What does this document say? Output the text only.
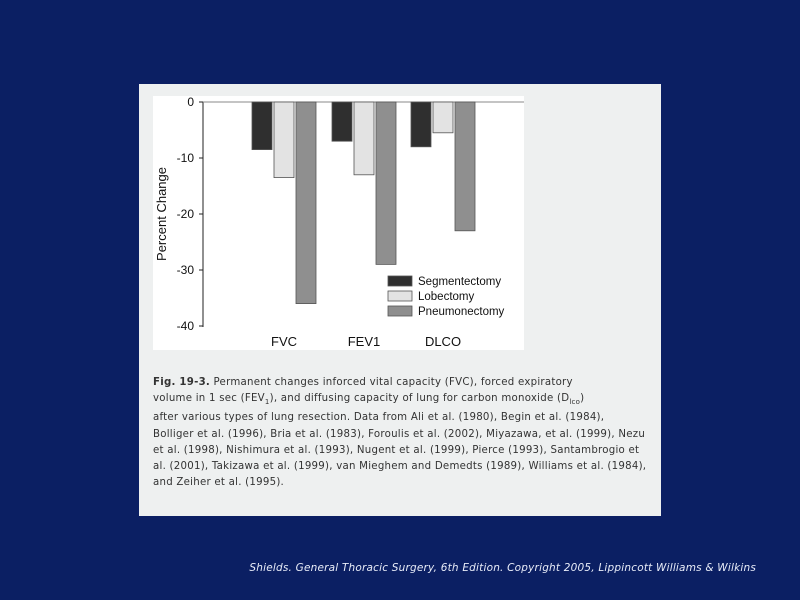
0
-10
-20
-30
-40
Percent Change
FVC	FEV1	DLCO
Segmentectomy
Lobectomy
Pneumonectomy

Fig. 19-3. Permanent changes inforced vital capacity (FVC), forced expiratory
volume in 1 $\sec (FEV_1)$, and diffusing capacity of lung for carbon monoxide $(D_{lco})$
after various types of lung resection. Data from Ali et al. (1980), Begin et al. (1984), Bolliger et al. (1996), Bria et al. (1983), Foroulis et al. (2002), Miyazawa, et al. (1999), Nezu et al. (1998), Nishimura et al. (1993), Nugent et al. (1999), Pierce (1993), Santambrogio et al. (2001), Takizawa et al. (1999), van Mieghem and Demedts (1989), Williams et al. (1984), and Zeiher et al. (1995).

Shields. General Thoracic Surgery, 6th Edition. Copyright 2005, Lippincott Williams & Wilkins
